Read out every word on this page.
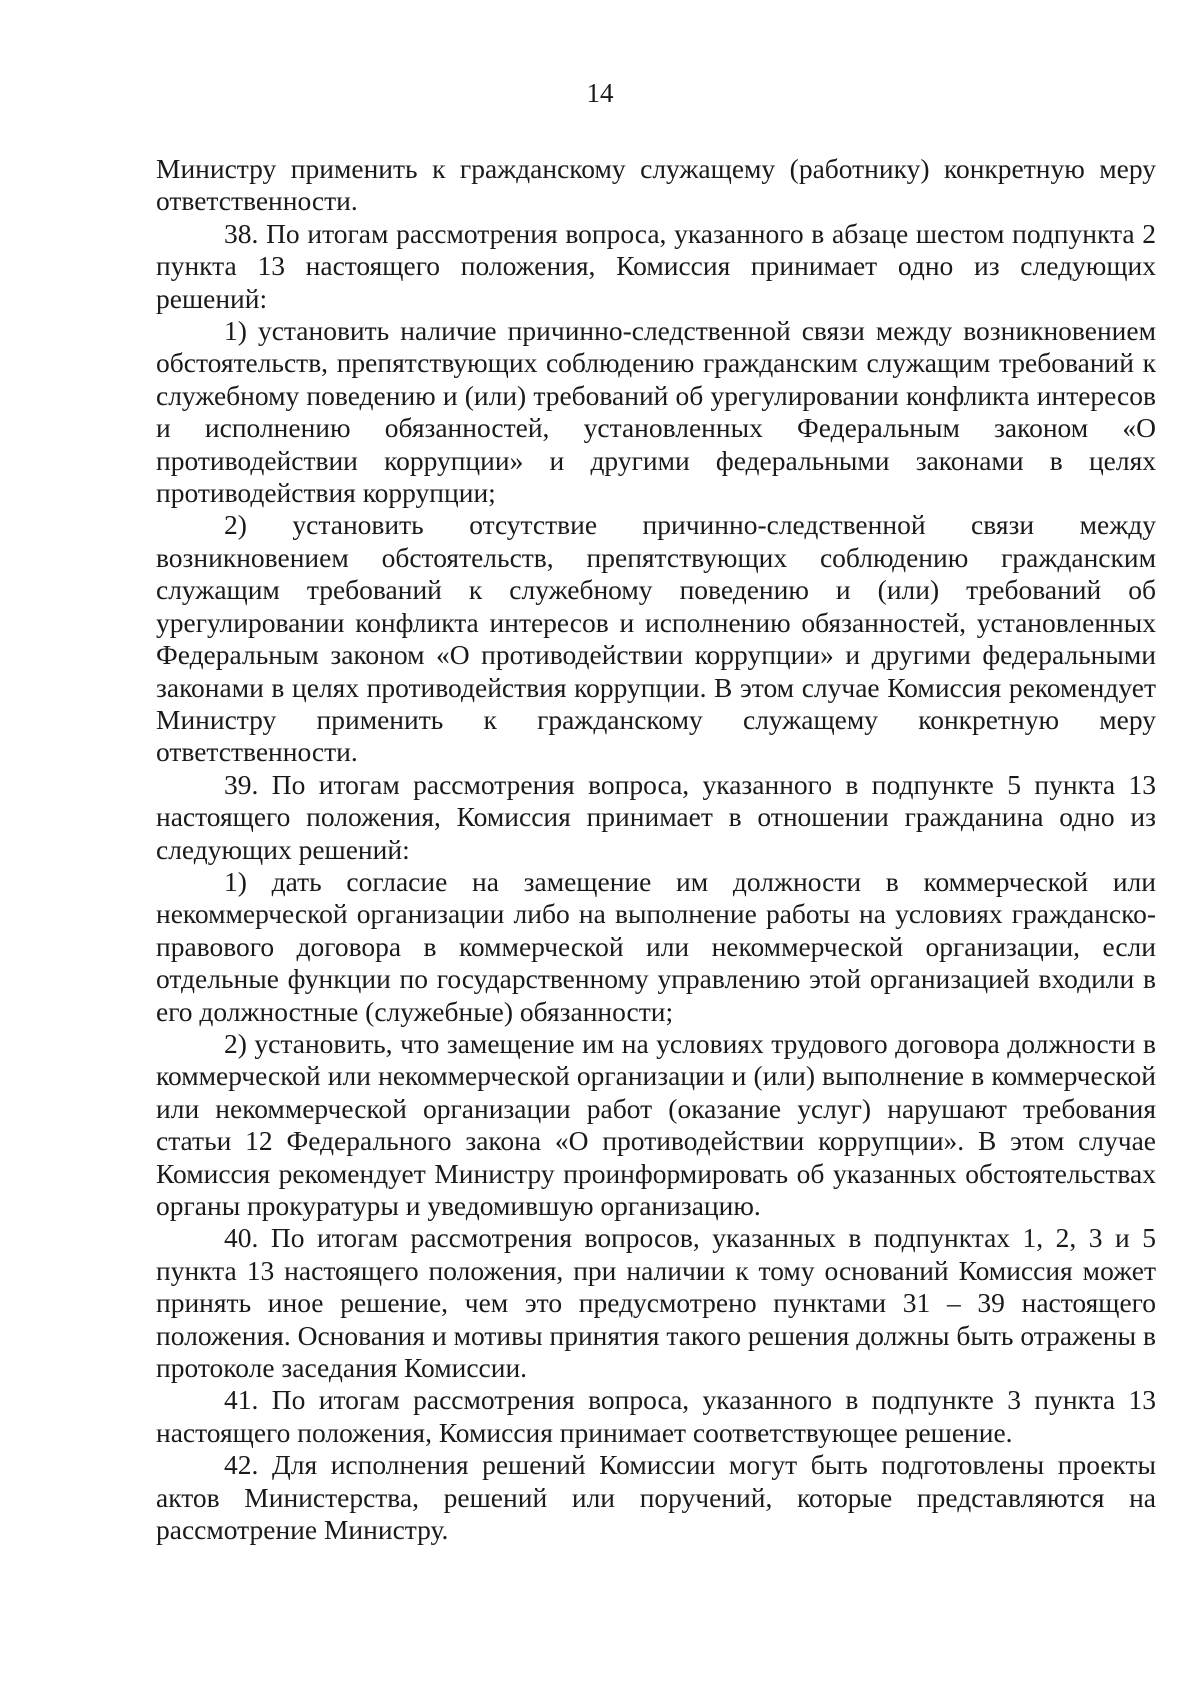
14

Министру применить к гражданскому служащему (работнику) конкретную меру ответственности.

38. По итогам рассмотрения вопроса, указанного в абзаце шестом подпункта 2 пункта 13 настоящего положения, Комиссия принимает одно из следующих решений:

1) установить наличие причинно-следственной связи между возникновением обстоятельств, препятствующих соблюдению гражданским служащим требований к служебному поведению и (или) требований об урегулировании конфликта интересов и исполнению обязанностей, установленных Федеральным законом «О противодействии коррупции» и другими федеральными законами в целях противодействия коррупции;

2) установить отсутствие причинно-следственной связи между возникновением обстоятельств, препятствующих соблюдению гражданским служащим требований к служебному поведению и (или) требований об урегулировании конфликта интересов и исполнению обязанностей, установленных Федеральным законом «О противодействии коррупции» и другими федеральными законами в целях противодействия коррупции. В этом случае Комиссия рекомендует Министру применить к гражданскому служащему конкретную меру ответственности.

39. По итогам рассмотрения вопроса, указанного в подпункте 5 пункта 13 настоящего положения, Комиссия принимает в отношении гражданина одно из следующих решений:

1) дать согласие на замещение им должности в коммерческой или некоммерческой организации либо на выполнение работы на условиях гражданско-правового договора в коммерческой или некоммерческой организации, если отдельные функции по государственному управлению этой организацией входили в его должностные (служебные) обязанности;

2) установить, что замещение им на условиях трудового договора должности в коммерческой или некоммерческой организации и (или) выполнение в коммерческой или некоммерческой организации работ (оказание услуг) нарушают требования статьи 12 Федерального закона «О противодействии коррупции». В этом случае Комиссия рекомендует Министру проинформировать об указанных обстоятельствах органы прокуратуры и уведомившую организацию.

40. По итогам рассмотрения вопросов, указанных в подпунктах 1, 2, 3 и 5 пункта 13 настоящего положения, при наличии к тому оснований Комиссия может принять иное решение, чем это предусмотрено пунктами 31 – 39 настоящего положения. Основания и мотивы принятия такого решения должны быть отражены в протоколе заседания Комиссии.

41. По итогам рассмотрения вопроса, указанного в подпункте 3 пункта 13 настоящего положения, Комиссия принимает соответствующее решение.

42. Для исполнения решений Комиссии могут быть подготовлены проекты актов Министерства, решений или поручений, которые представляются на рассмотрение Министру.
